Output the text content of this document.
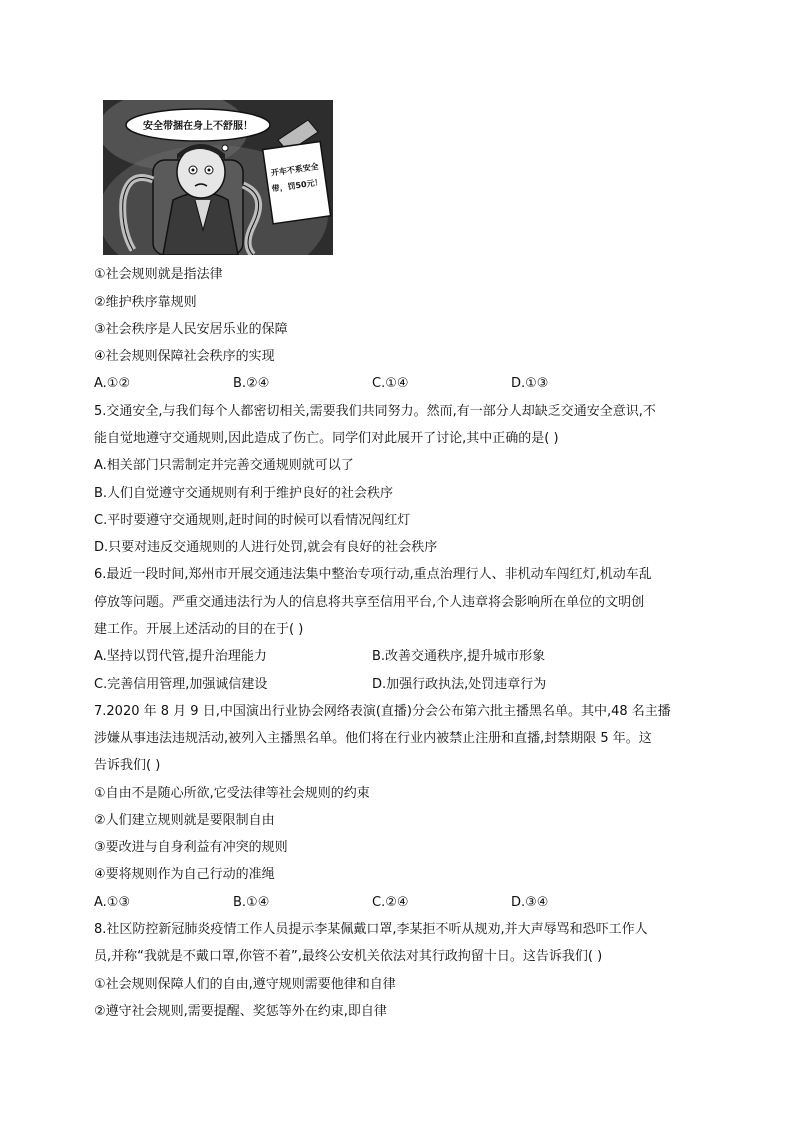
安全带捆在身上不舒服！
开车不系安全
带，罚50元！
①社会规则就是指法律
②维护秩序靠规则
③社会秩序是人民安居乐业的保障
④社会规则保障社会秩序的实现
A.①②	B.②④	C.①④	D.①③
5.交通安全,与我们每个人都密切相关,需要我们共同努力。然而,有一部分人却缺乏交通安全意识,不
能自觉地遵守交通规则,因此造成了伤亡。同学们对此展开了讨论,其中正确的是( )
A.相关部门只需制定并完善交通规则就可以了
B.人们自觉遵守交通规则有利于维护良好的社会秩序
C.平时要遵守交通规则,赶时间的时候可以看情况闯红灯
D.只要对违反交通规则的人进行处罚,就会有良好的社会秩序
6.最近一段时间,郑州市开展交通违法集中整治专项行动,重点治理行人、非机动车闯红灯,机动车乱
停放等问题。严重交通违法行为人的信息将共享至信用平台,个人违章将会影响所在单位的文明创
建工作。开展上述活动的目的在于( )
A.坚持以罚代管,提升治理能力	B.改善交通秩序,提升城市形象
C.完善信用管理,加强诚信建设	D.加强行政执法,处罚违章行为
7.2020 年 8 月 9 日,中国演出行业协会网络表演(直播)分会公布第六批主播黑名单。其中,48 名主播
涉嫌从事违法违规活动,被列入主播黑名单。他们将在行业内被禁止注册和直播,封禁期限 5 年。这
告诉我们( )
①自由不是随心所欲,它受法律等社会规则的约束
②人们建立规则就是要限制自由
③要改进与自身利益有冲突的规则
④要将规则作为自己行动的准绳
A.①③	B.①④	C.②④	D.③④
8.社区防控新冠肺炎疫情工作人员提示李某佩戴口罩,李某拒不听从规劝,并大声辱骂和恐吓工作人
员,并称“我就是不戴口罩,你管不着”,最终公安机关依法对其行政拘留十日。这告诉我们( )
①社会规则保障人们的自由,遵守规则需要他律和自律
②遵守社会规则,需要提醒、奖惩等外在约束,即自律
